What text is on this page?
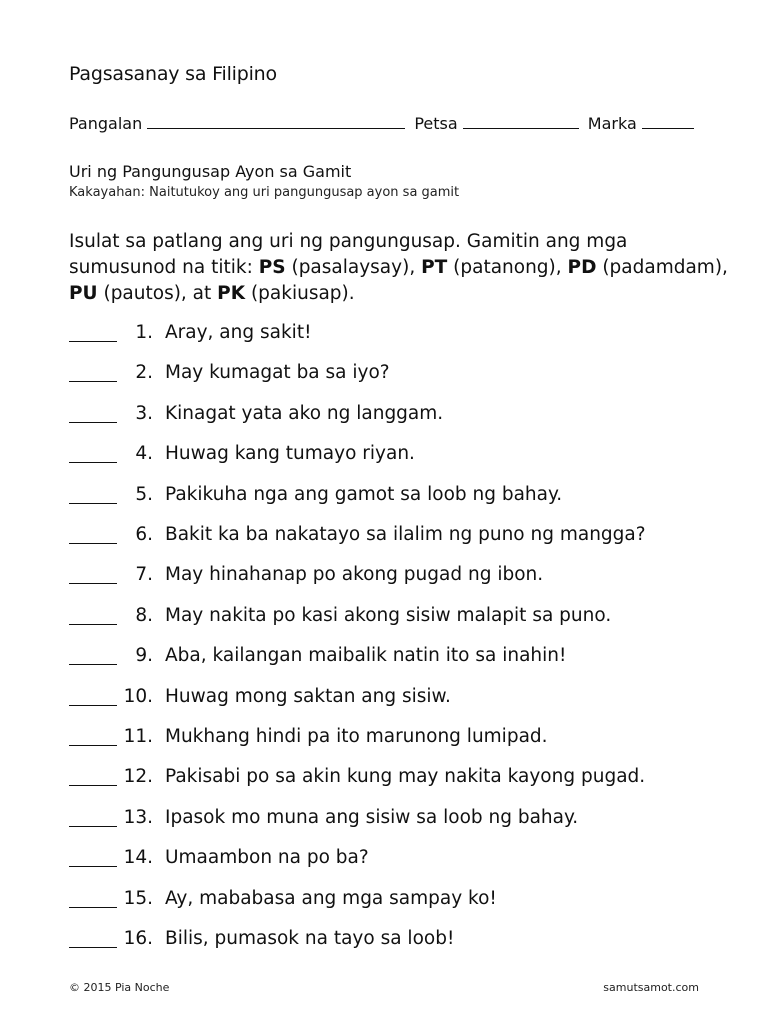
Pagsasanay sa Filipino
Pangalan	Petsa	Marka
Uri ng Pangungusap Ayon sa Gamit
Kakayahan: Naitutukoy ang uri pangungusap ayon sa gamit
Isulat sa patlang ang uri ng pangungusap. Gamitin ang mga sumusunod na titik: PS (pasalaysay), PT (patanong), PD (padamdam), PU (pautos), at PK (pakiusap).
1. Aray, ang sakit!
2. May kumagat ba sa iyo?
3. Kinagat yata ako ng langgam.
4. Huwag kang tumayo riyan.
5. Pakikuha nga ang gamot sa loob ng bahay.
6. Bakit ka ba nakatayo sa ilalim ng puno ng mangga?
7. May hinahanap po akong pugad ng ibon.
8. May nakita po kasi akong sisiw malapit sa puno.
9. Aba, kailangan maibalik natin ito sa inahin!
10. Huwag mong saktan ang sisiw.
11. Mukhang hindi pa ito marunong lumipad.
12. Pakisabi po sa akin kung may nakita kayong pugad.
13. Ipasok mo muna ang sisiw sa loob ng bahay.
14. Umaambon na po ba?
15. Ay, mababasa ang mga sampay ko!
16. Bilis, pumasok na tayo sa loob!
© 2015 Pia Noche	samutsamot.com
